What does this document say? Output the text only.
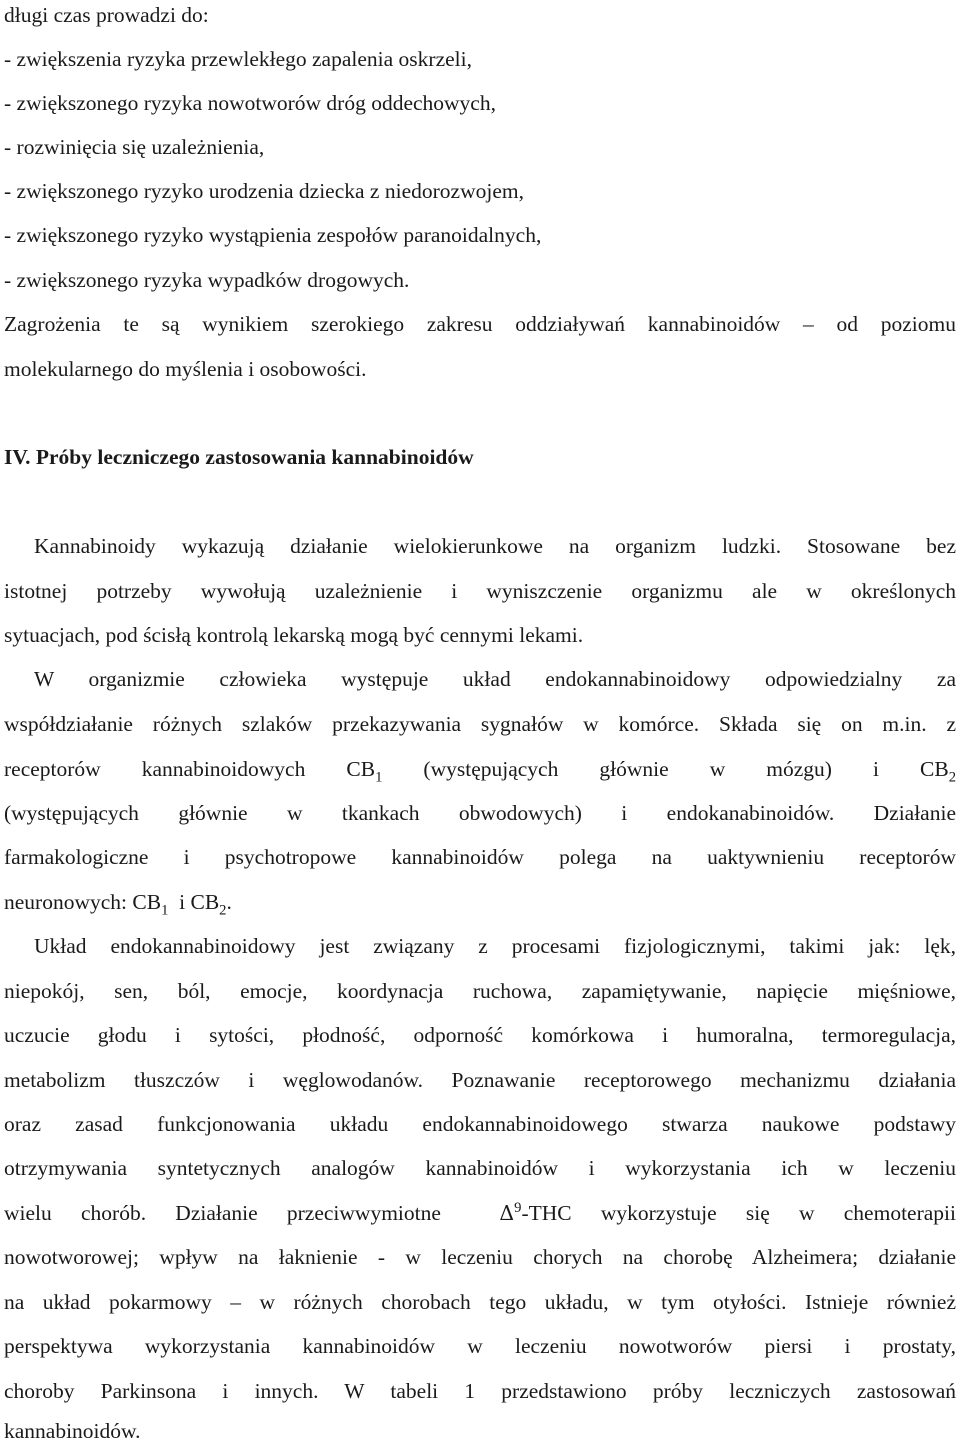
długi czas prowadzi do:
- zwiększenia ryzyka przewlekłego zapalenia oskrzeli,
- zwiększonego ryzyka nowotworów dróg oddechowych,
- rozwinięcia się uzależnienia,
- zwiększonego ryzyko urodzenia dziecka z niedorozwojem,
- zwiększonego ryzyko wystąpienia zespołów paranoidalnych,
- zwiększonego ryzyka wypadków drogowych.
Zagrożenia te są wynikiem szerokiego zakresu oddziaływań kannabinoidów – od poziomu
molekularnego do myślenia i osobowości.
IV. Próby leczniczego zastosowania kannabinoidów
Kannabinoidy wykazują działanie wielokierunkowe na organizm ludzki. Stosowane bez
istotnej potrzeby wywołują uzależnienie i wyniszczenie organizmu ale w określonych
sytuacjach, pod ścisłą kontrolą lekarską mogą być cennymi lekami.
W organizmie człowieka występuje układ endokannabinoidowy odpowiedzialny za
współdziałanie różnych szlaków przekazywania sygnałów w komórce. Składa się on m.in. z
receptorów kannabinoidowych $CB_1$ (występujących głównie w mózgu) i $CB_2$
(występujących głównie w tkankach obwodowych) i endokanabinoidów. Działanie
farmakologiczne i psychotropowe kannabinoidów polega na uaktywnieniu receptorów
neuronowych: $CB_1$  i $CB_2$.
Układ endokannabinoidowy jest związany z procesami fizjologicznymi, takimi jak: lęk,
niepokój, sen, ból, emocje, koordynacja ruchowa, zapamiętywanie, napięcie mięśniowe,
uczucie głodu i sytości, płodność, odporność komórkowa i humoralna, termoregulacja,
metabolizm tłuszczów i węglowodanów. Poznawanie receptorowego mechanizmu działania
oraz zasad funkcjonowania układu endokannabinoidowego stwarza naukowe podstawy
otrzymywania syntetycznych analogów kannabinoidów i wykorzystania ich w leczeniu
wielu chorób. Działanie przeciwwymiotne  $\Delta^9$-THC wykorzystuje się w chemoterapii
nowotworowej; wpływ na łaknienie - w leczeniu chorych na chorobę Alzheimera; działanie
na układ pokarmowy – w różnych chorobach tego układu, w tym otyłości. Istnieje również
perspektywa wykorzystania kannabinoidów w leczeniu nowotworów piersi i prostaty,
choroby Parkinsona i innych. W tabeli 1 przedstawiono próby leczniczych zastosowań
kannabinoidów.
